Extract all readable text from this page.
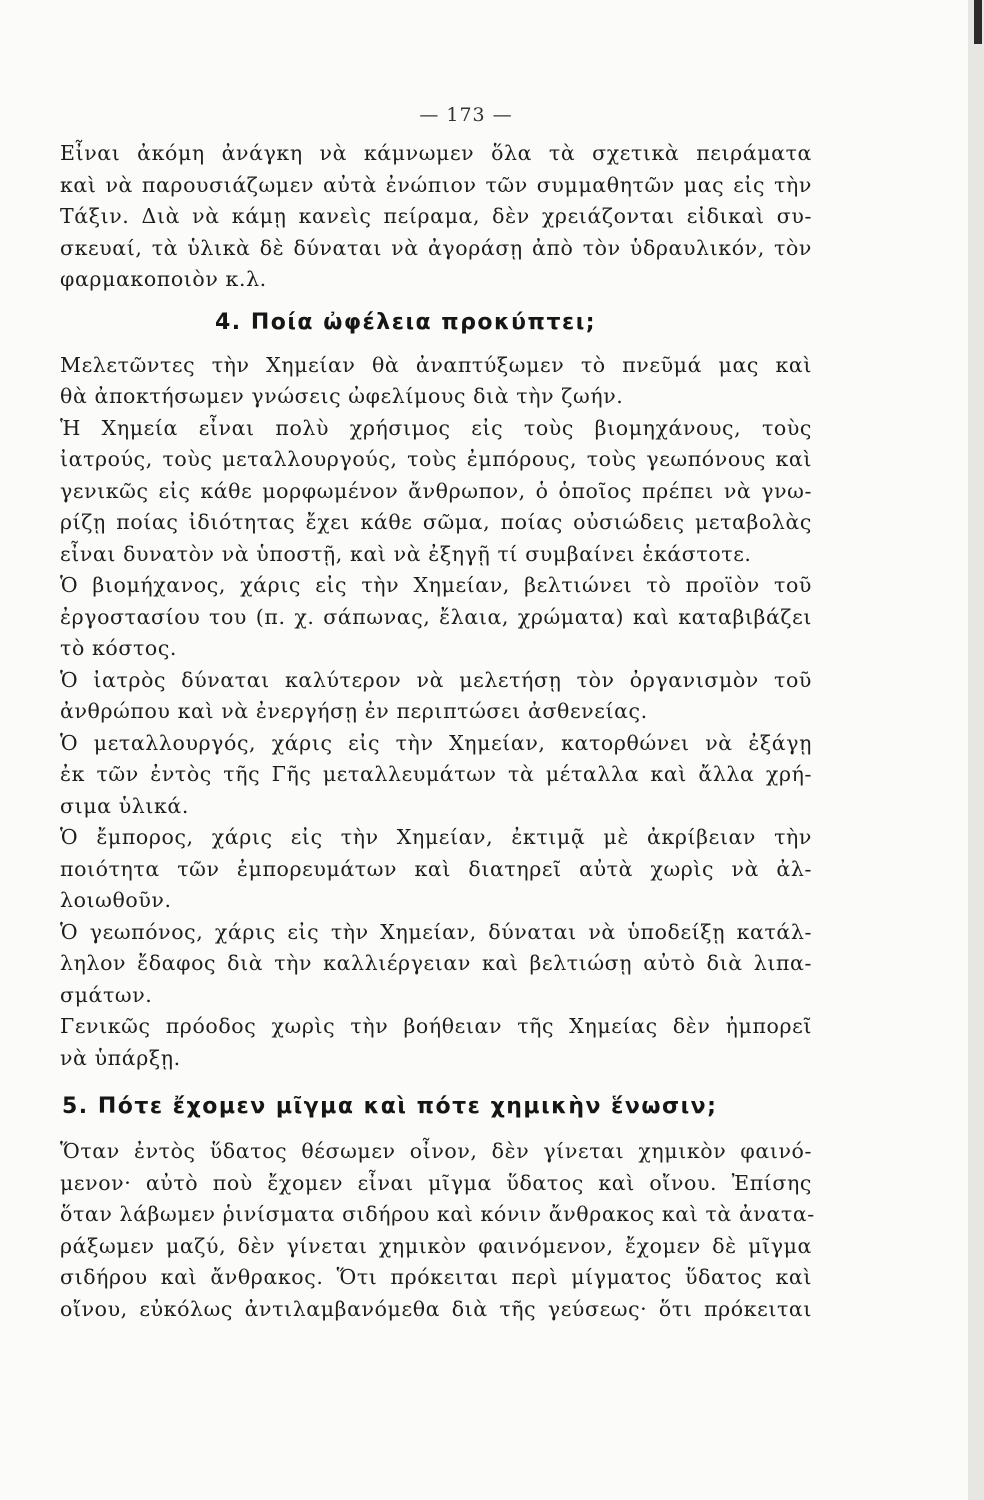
— 173 —
Εἶναι ἀκόμη ἀνάγκη νὰ κάμνωμεν ὅλα τὰ σχετικὰ πειράματα
καὶ νὰ παρουσιάζωμεν αὐτὰ ἐνώπιον τῶν συμμαθητῶν μας εἰς τὴν
Τάξιν. Διὰ νὰ κάμῃ κανεὶς πείραμα, δὲν χρειάζονται εἰδικαὶ συ-
σκευαί, τὰ ὑλικὰ δὲ δύναται νὰ ἀγοράσῃ ἀπὸ τὸν ὑδραυλικόν, τὸν
φαρμακοποιὸν κ.λ.
4. Ποία ὠφέλεια προκύπτει;
Μελετῶντες τὴν Χημείαν θὰ ἀναπτύξωμεν τὸ πνεῦμά μας καὶ
θὰ ἀποκτήσωμεν γνώσεις ὠφελίμους διὰ τὴν ζωήν.
Ἡ Χημεία εἶναι πολὺ χρήσιμος εἰς τοὺς βιομηχάνους, τοὺς
ἰατρούς, τοὺς μεταλλουργούς, τοὺς ἐμπόρους, τοὺς γεωπόνους καὶ
γενικῶς εἰς κάθε μορφωμένον ἄνθρωπον, ὁ ὁποῖος πρέπει νὰ γνω-
ρίζῃ ποίας ἰδιότητας ἔχει κάθε σῶμα, ποίας οὐσιώδεις μεταβολὰς
εἶναι δυνατὸν νὰ ὑποστῇ, καὶ νὰ ἐξηγῇ τί συμβαίνει ἑκάστοτε.
Ὁ βιομήχανος, χάρις εἰς τὴν Χημείαν, βελτιώνει τὸ προϊὸν τοῦ
ἐργοστασίου του (π. χ. σάπωνας, ἔλαια, χρώματα) καὶ καταβιβάζει
τὸ κόστος.
Ὁ ἰατρὸς δύναται καλύτερον νὰ μελετήσῃ τὸν ὀργανισμὸν τοῦ
ἀνθρώπου καὶ νὰ ἐνεργήσῃ ἐν περιπτώσει ἀσθενείας.
Ὁ μεταλλουργός, χάρις εἰς τὴν Χημείαν, κατορθώνει νὰ ἐξάγῃ
ἐκ τῶν ἐντὸς τῆς Γῆς μεταλλευμάτων τὰ μέταλλα καὶ ἄλλα χρή-
σιμα ὑλικά.
Ὁ ἔμπορος, χάρις εἰς τὴν Χημείαν, ἐκτιμᾷ μὲ ἀκρίβειαν τὴν
ποιότητα τῶν ἐμπορευμάτων καὶ διατηρεῖ αὐτὰ χωρὶς νὰ ἀλ-
λοιωθοῦν.
Ὁ γεωπόνος, χάρις εἰς τὴν Χημείαν, δύναται νὰ ὑποδείξῃ κατάλ-
ληλον ἔδαφος διὰ τὴν καλλιέργειαν καὶ βελτιώσῃ αὐτὸ διὰ λιπα-
σμάτων.
Γενικῶς πρόοδος χωρὶς τὴν βοήθειαν τῆς Χημείας δὲν ἠμπορεῖ
νὰ ὑπάρξῃ.
5. Πότε ἔχομεν μῖγμα καὶ πότε χημικὴν ἕνωσιν;
Ὅταν ἐντὸς ὕδατος θέσωμεν οἶνον, δὲν γίνεται χημικὸν φαινό-
μενον· αὐτὸ ποὺ ἔχομεν εἶναι μῖγμα ὕδατος καὶ οἴνου. Ἐπίσης
ὅταν λάβωμεν ῥινίσματα σιδήρου καὶ κόνιν ἄνθρακος καὶ τὰ ἀνατα-
ράξωμεν μαζύ, δὲν γίνεται χημικὸν φαινόμενον, ἔχομεν δὲ μῖγμα
σιδήρου καὶ ἄνθρακος. Ὅτι πρόκειται περὶ μίγματος ὕδατος καὶ
οἴνου, εὐκόλως ἀντιλαμβανόμεθα διὰ τῆς γεύσεως· ὅτι πρόκειται
